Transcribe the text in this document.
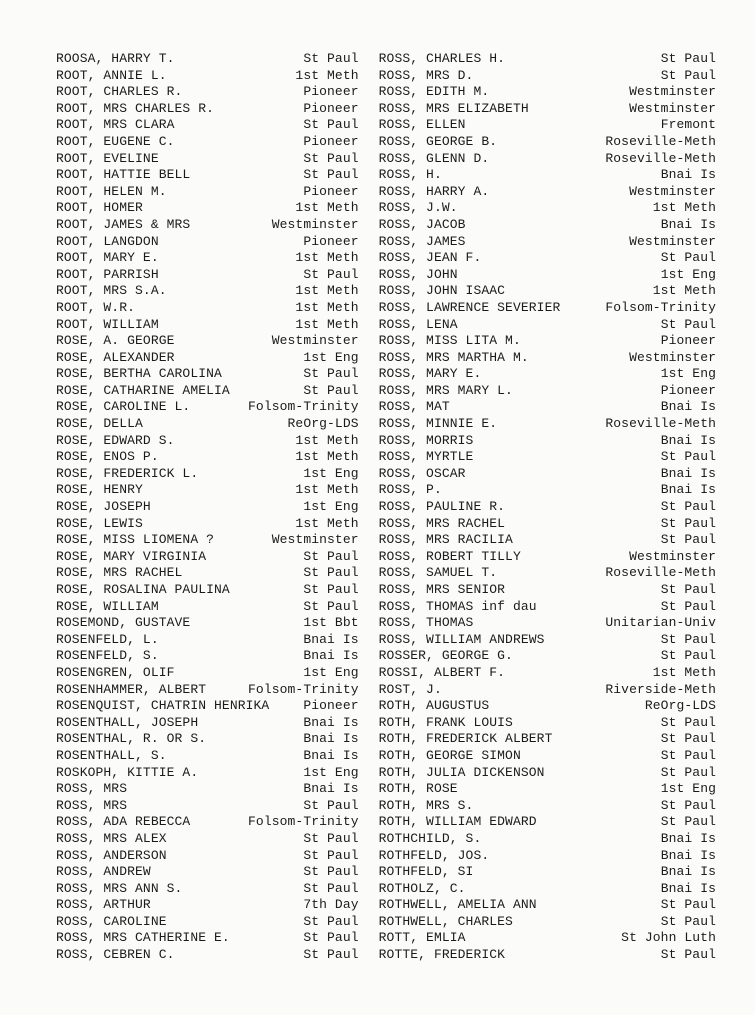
ROOSA, HARRY T.	St Paul
ROOT, ANNIE L.	1st Meth
ROOT, CHARLES R.	Pioneer
ROOT, MRS CHARLES R.	Pioneer
ROOT, MRS CLARA	St Paul
ROOT, EUGENE C.	Pioneer
ROOT, EVELINE	St Paul
ROOT, HATTIE BELL	St Paul
ROOT, HELEN M.	Pioneer
ROOT, HOMER	1st Meth
ROOT, JAMES & MRS	Westminster
ROOT, LANGDON	Pioneer
ROOT, MARY E.	1st Meth
ROOT, PARRISH	St Paul
ROOT, MRS S.A.	1st Meth
ROOT, W.R.	1st Meth
ROOT, WILLIAM	1st Meth
ROSE, A. GEORGE	Westminster
ROSE, ALEXANDER	1st Eng
ROSE, BERTHA CAROLINA	St Paul
ROSE, CATHARINE AMELIA	St Paul
ROSE, CAROLINE L.	Folsom-Trinity
ROSE, DELLA	ReOrg-LDS
ROSE, EDWARD S.	1st Meth
ROSE, ENOS P.	1st Meth
ROSE, FREDERICK L.	1st Eng
ROSE, HENRY	1st Meth
ROSE, JOSEPH	1st Eng
ROSE, LEWIS	1st Meth
ROSE, MISS LIOMENA ?	Westminster
ROSE, MARY VIRGINIA	St Paul
ROSE, MRS RACHEL	St Paul
ROSE, ROSALINA PAULINA	St Paul
ROSE, WILLIAM	St Paul
ROSEMOND, GUSTAVE	1st Bbt
ROSENFELD, L.	Bnai Is
ROSENFELD, S.	Bnai Is
ROSENGREN, OLIF	1st Eng
ROSENHAMMER, ALBERT	Folsom-Trinity
ROSENQUIST, CHATRIN HENRIKA	Pioneer
ROSENTHALL, JOSEPH	Bnai Is
ROSENTHAL, R. OR S.	Bnai Is
ROSENTHALL, S.	Bnai Is
ROSKOPH, KITTIE A.	1st Eng
ROSS, MRS	Bnai Is
ROSS, MRS	St Paul
ROSS, ADA REBECCA	Folsom-Trinity
ROSS, MRS ALEX	St Paul
ROSS, ANDERSON	St Paul
ROSS, ANDREW	St Paul
ROSS, MRS ANN S.	St Paul
ROSS, ARTHUR	7th Day
ROSS, CAROLINE	St Paul
ROSS, MRS CATHERINE E.	St Paul
ROSS, CEBREN C.	St Paul
ROSS, CHARLES H.	St Paul
ROSS, MRS D.	St Paul
ROSS, EDITH M.	Westminster
ROSS, MRS ELIZABETH	Westminster
ROSS, ELLEN	Fremont
ROSS, GEORGE B.	Roseville-Meth
ROSS, GLENN D.	Roseville-Meth
ROSS, H.	Bnai Is
ROSS, HARRY A.	Westminster
ROSS, J.W.	1st Meth
ROSS, JACOB	Bnai Is
ROSS, JAMES	Westminster
ROSS, JEAN F.	St Paul
ROSS, JOHN	1st Eng
ROSS, JOHN ISAAC	1st Meth
ROSS, LAWRENCE SEVERIER	Folsom-Trinity
ROSS, LENA	St Paul
ROSS, MISS LITA M.	Pioneer
ROSS, MRS MARTHA M.	Westminster
ROSS, MARY E.	1st Eng
ROSS, MRS MARY L.	Pioneer
ROSS, MAT	Bnai Is
ROSS, MINNIE E.	Roseville-Meth
ROSS, MORRIS	Bnai Is
ROSS, MYRTLE	St Paul
ROSS, OSCAR	Bnai Is
ROSS, P.	Bnai Is
ROSS, PAULINE R.	St Paul
ROSS, MRS RACHEL	St Paul
ROSS, MRS RACILIA	St Paul
ROSS, ROBERT TILLY	Westminster
ROSS, SAMUEL T.	Roseville-Meth
ROSS, MRS SENIOR	St Paul
ROSS, THOMAS inf dau	St Paul
ROSS, THOMAS	Unitarian-Univ
ROSS, WILLIAM ANDREWS	St Paul
ROSSER, GEORGE G.	St Paul
ROSSI, ALBERT F.	1st Meth
ROST, J.	Riverside-Meth
ROTH, AUGUSTUS	ReOrg-LDS
ROTH, FRANK LOUIS	St Paul
ROTH, FREDERICK ALBERT	St Paul
ROTH, GEORGE SIMON	St Paul
ROTH, JULIA DICKENSON	St Paul
ROTH, ROSE	1st Eng
ROTH, MRS S.	St Paul
ROTH, WILLIAM EDWARD	St Paul
ROTHCHILD, S.	Bnai Is
ROTHFELD, JOS.	Bnai Is
ROTHFELD, SI	Bnai Is
ROTHOLZ, C.	Bnai Is
ROTHWELL, AMELIA ANN	St Paul
ROTHWELL, CHARLES	St Paul
ROTT, EMLIA	St John Luth
ROTTE, FREDERICK	St Paul
